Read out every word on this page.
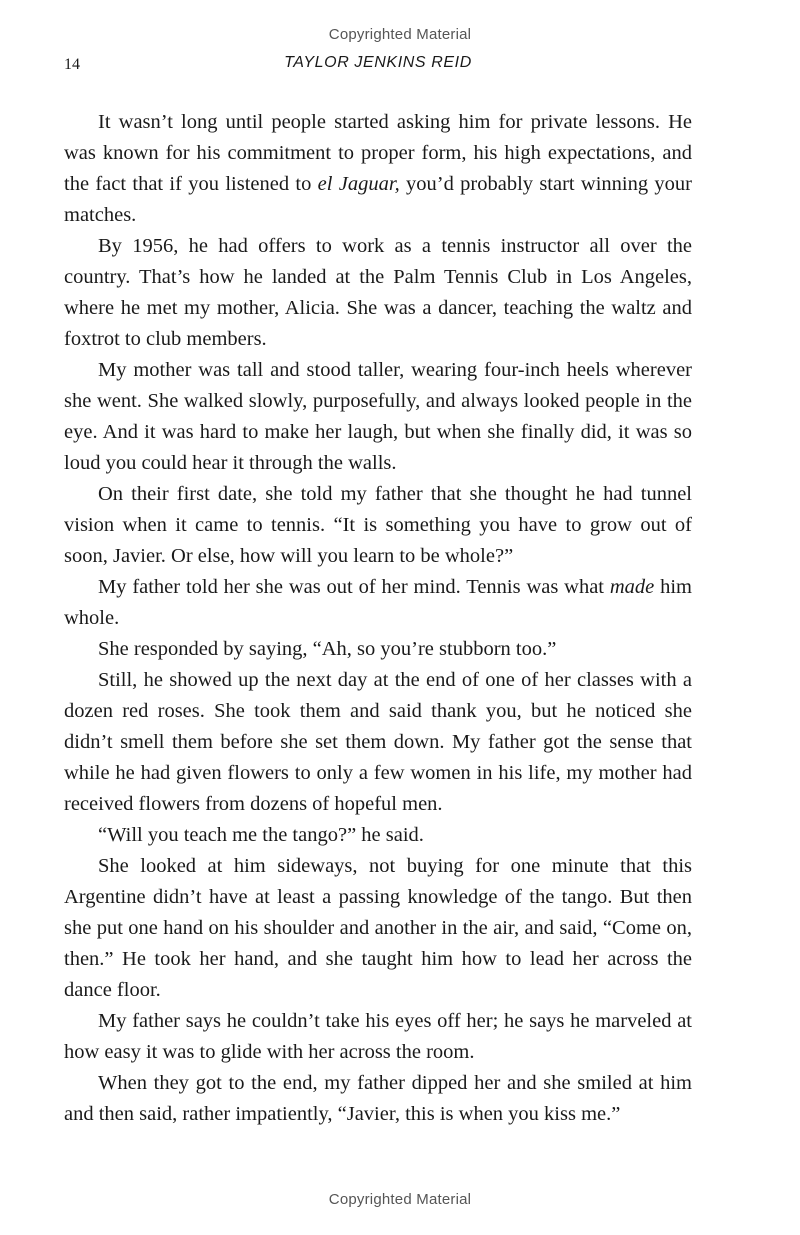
Copyrighted Material
14	TAYLOR JENKINS REID

It wasn’t long until people started asking him for private lessons. He was known for his commitment to proper form, his high expectations, and the fact that if you listened to el Jaguar, you’d probably start winning your matches.

By 1956, he had offers to work as a tennis instructor all over the country. That’s how he landed at the Palm Tennis Club in Los Angeles, where he met my mother, Alicia. She was a dancer, teaching the waltz and foxtrot to club members.

My mother was tall and stood taller, wearing four-inch heels wherever she went. She walked slowly, purposefully, and always looked people in the eye. And it was hard to make her laugh, but when she finally did, it was so loud you could hear it through the walls.

On their first date, she told my father that she thought he had tunnel vision when it came to tennis. “It is something you have to grow out of soon, Javier. Or else, how will you learn to be whole?”

My father told her she was out of her mind. Tennis was what made him whole.

She responded by saying, “Ah, so you’re stubborn too.”

Still, he showed up the next day at the end of one of her classes with a dozen red roses. She took them and said thank you, but he noticed she didn’t smell them before she set them down. My father got the sense that while he had given flowers to only a few women in his life, my mother had received flowers from dozens of hopeful men.

“Will you teach me the tango?” he said.

She looked at him sideways, not buying for one minute that this Argentine didn’t have at least a passing knowledge of the tango. But then she put one hand on his shoulder and another in the air, and said, “Come on, then.” He took her hand, and she taught him how to lead her across the dance floor.

My father says he couldn’t take his eyes off her; he says he marveled at how easy it was to glide with her across the room.

When they got to the end, my father dipped her and she smiled at him and then said, rather impatiently, “Javier, this is when you kiss me.”

Copyrighted Material
